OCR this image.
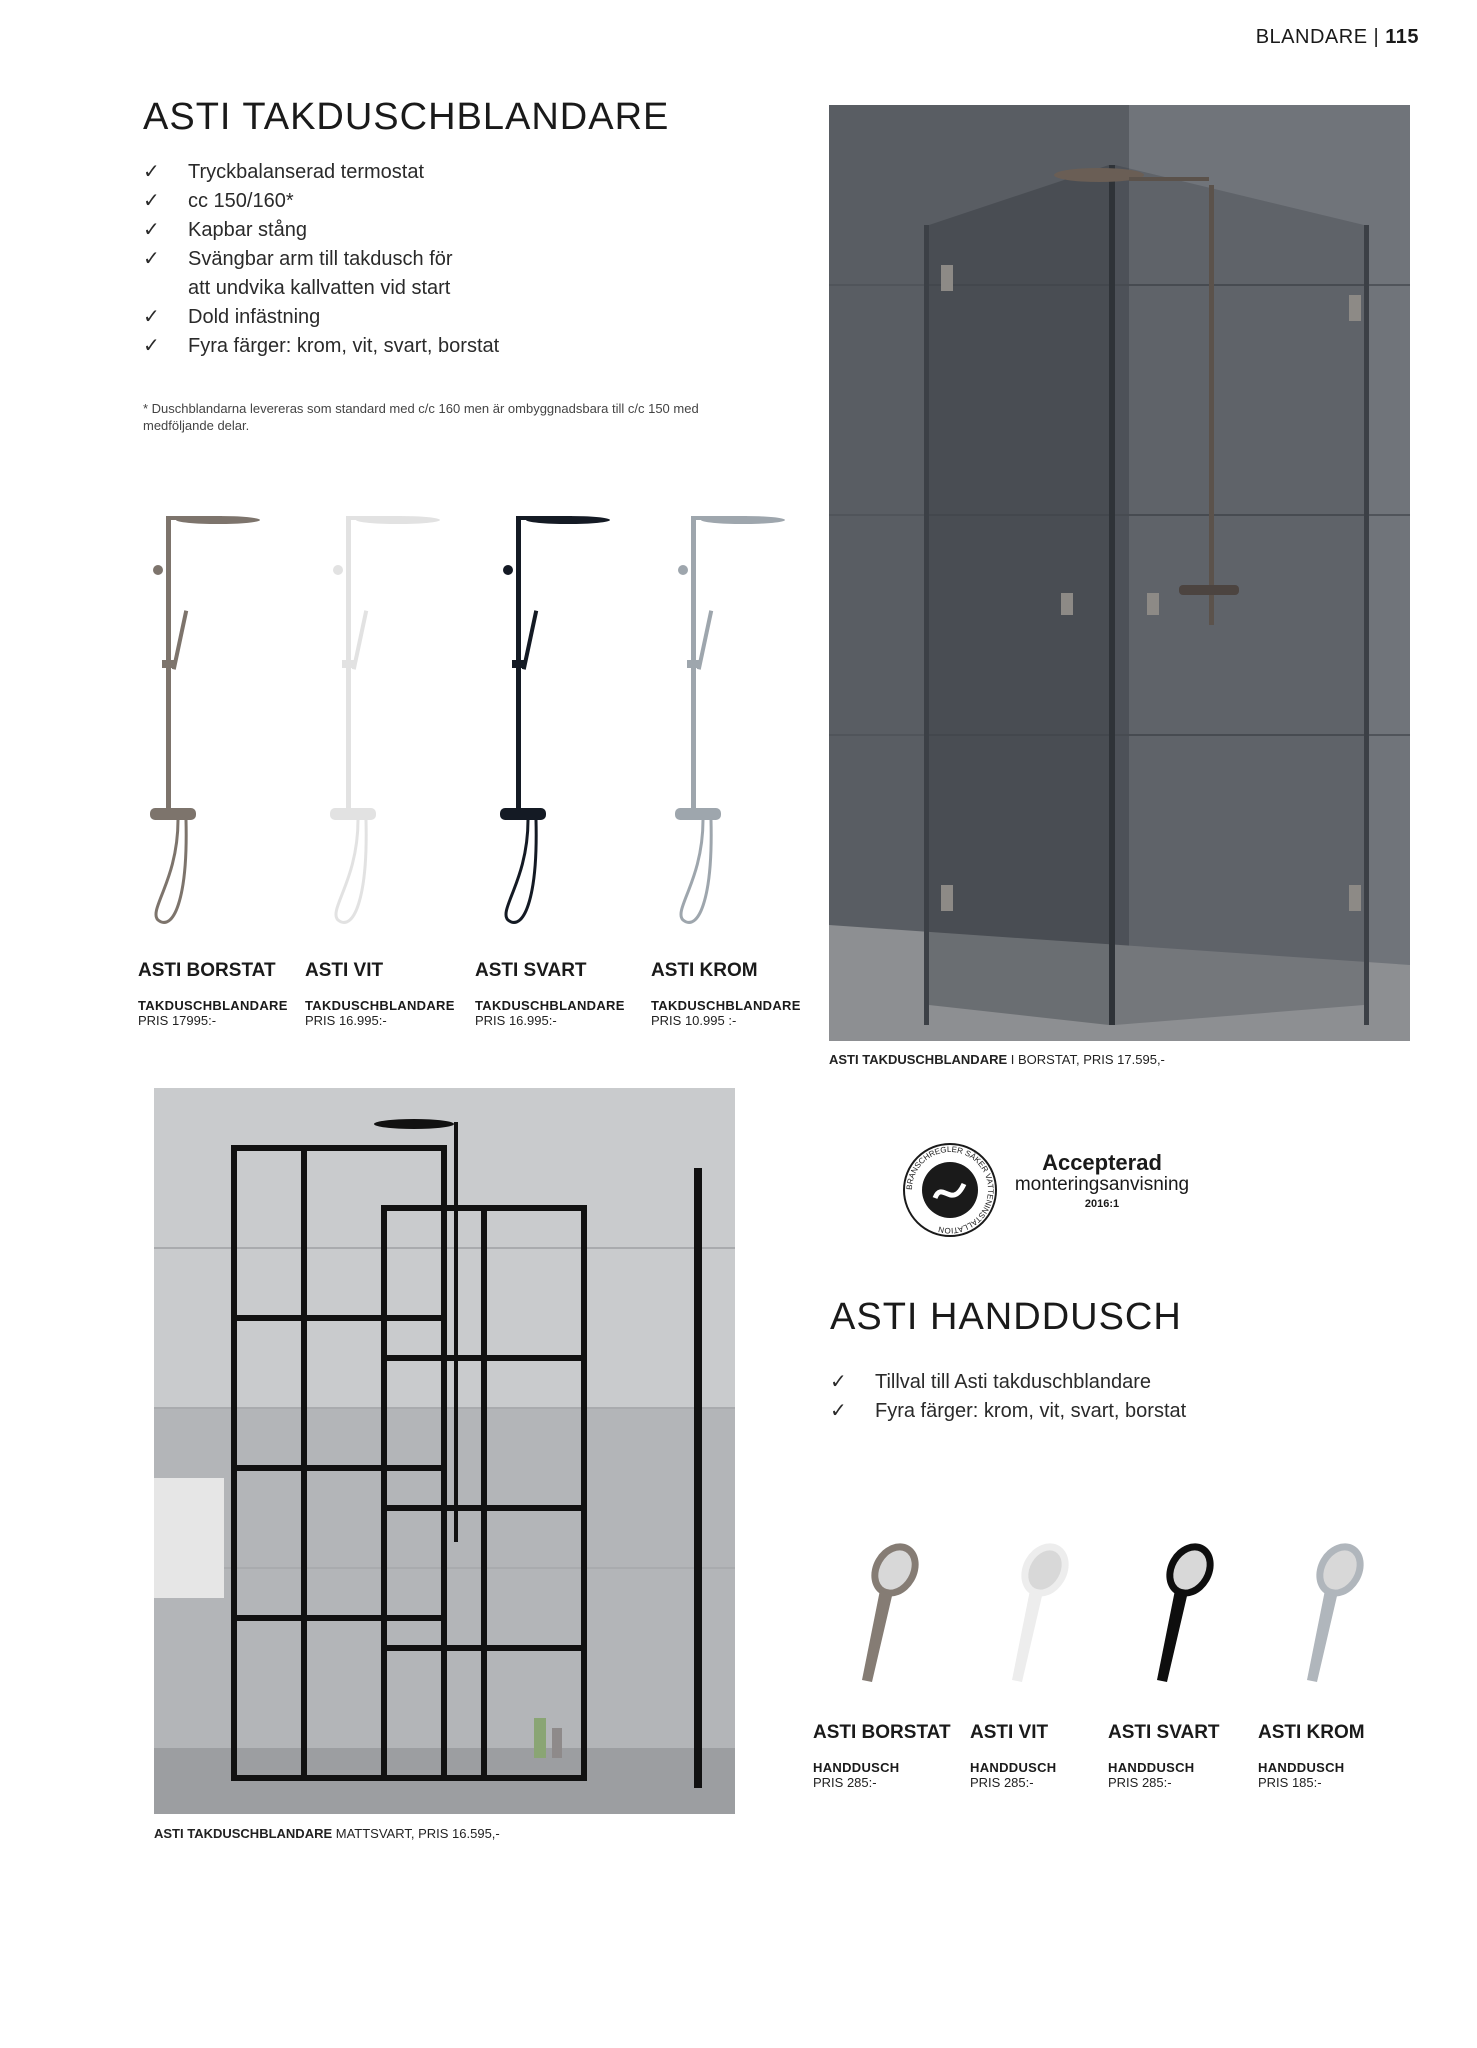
BLANDARE | 115
ASTI TAKDUSCHBLANDARE
✓	Tryckbalanserad termostat
✓	cc 150/160*
✓	Kapbar stång
✓	Svängbar arm till takdusch för
att undvika kallvatten vid start
✓	Dold infästning
✓	Fyra färger: krom, vit, svart, borstat
* Duschblandarna levereras som standard med c/c 160 men är ombyggnadsbara till c/c 150 med medföljande delar.
ASTI BORSTAT
TAKDUSCHBLANDARE
PRIS 17995:-
ASTI VIT
TAKDUSCHBLANDARE
PRIS 16.995:-
ASTI SVART
TAKDUSCHBLANDARE
PRIS 16.995:-
ASTI KROM
TAKDUSCHBLANDARE
PRIS 10.995 :-
ASTI TAKDUSCHBLANDARE I BORSTAT, PRIS 17.595,-
ASTI TAKDUSCHBLANDARE MATTSVART, PRIS 16.595,-
BRANSCHREGLER SÄKER VATTENINSTALLATION
Accepterad
monteringsanvisning
2016:1
ASTI HANDDUSCH
✓	Tillval till Asti takduschblandare
✓	Fyra färger: krom, vit, svart, borstat
ASTI BORSTAT
HANDDUSCH
PRIS 285:-
ASTI VIT
HANDDUSCH
PRIS 285:-
ASTI SVART
HANDDUSCH
PRIS 285:-
ASTI KROM
HANDDUSCH
PRIS 185:-
